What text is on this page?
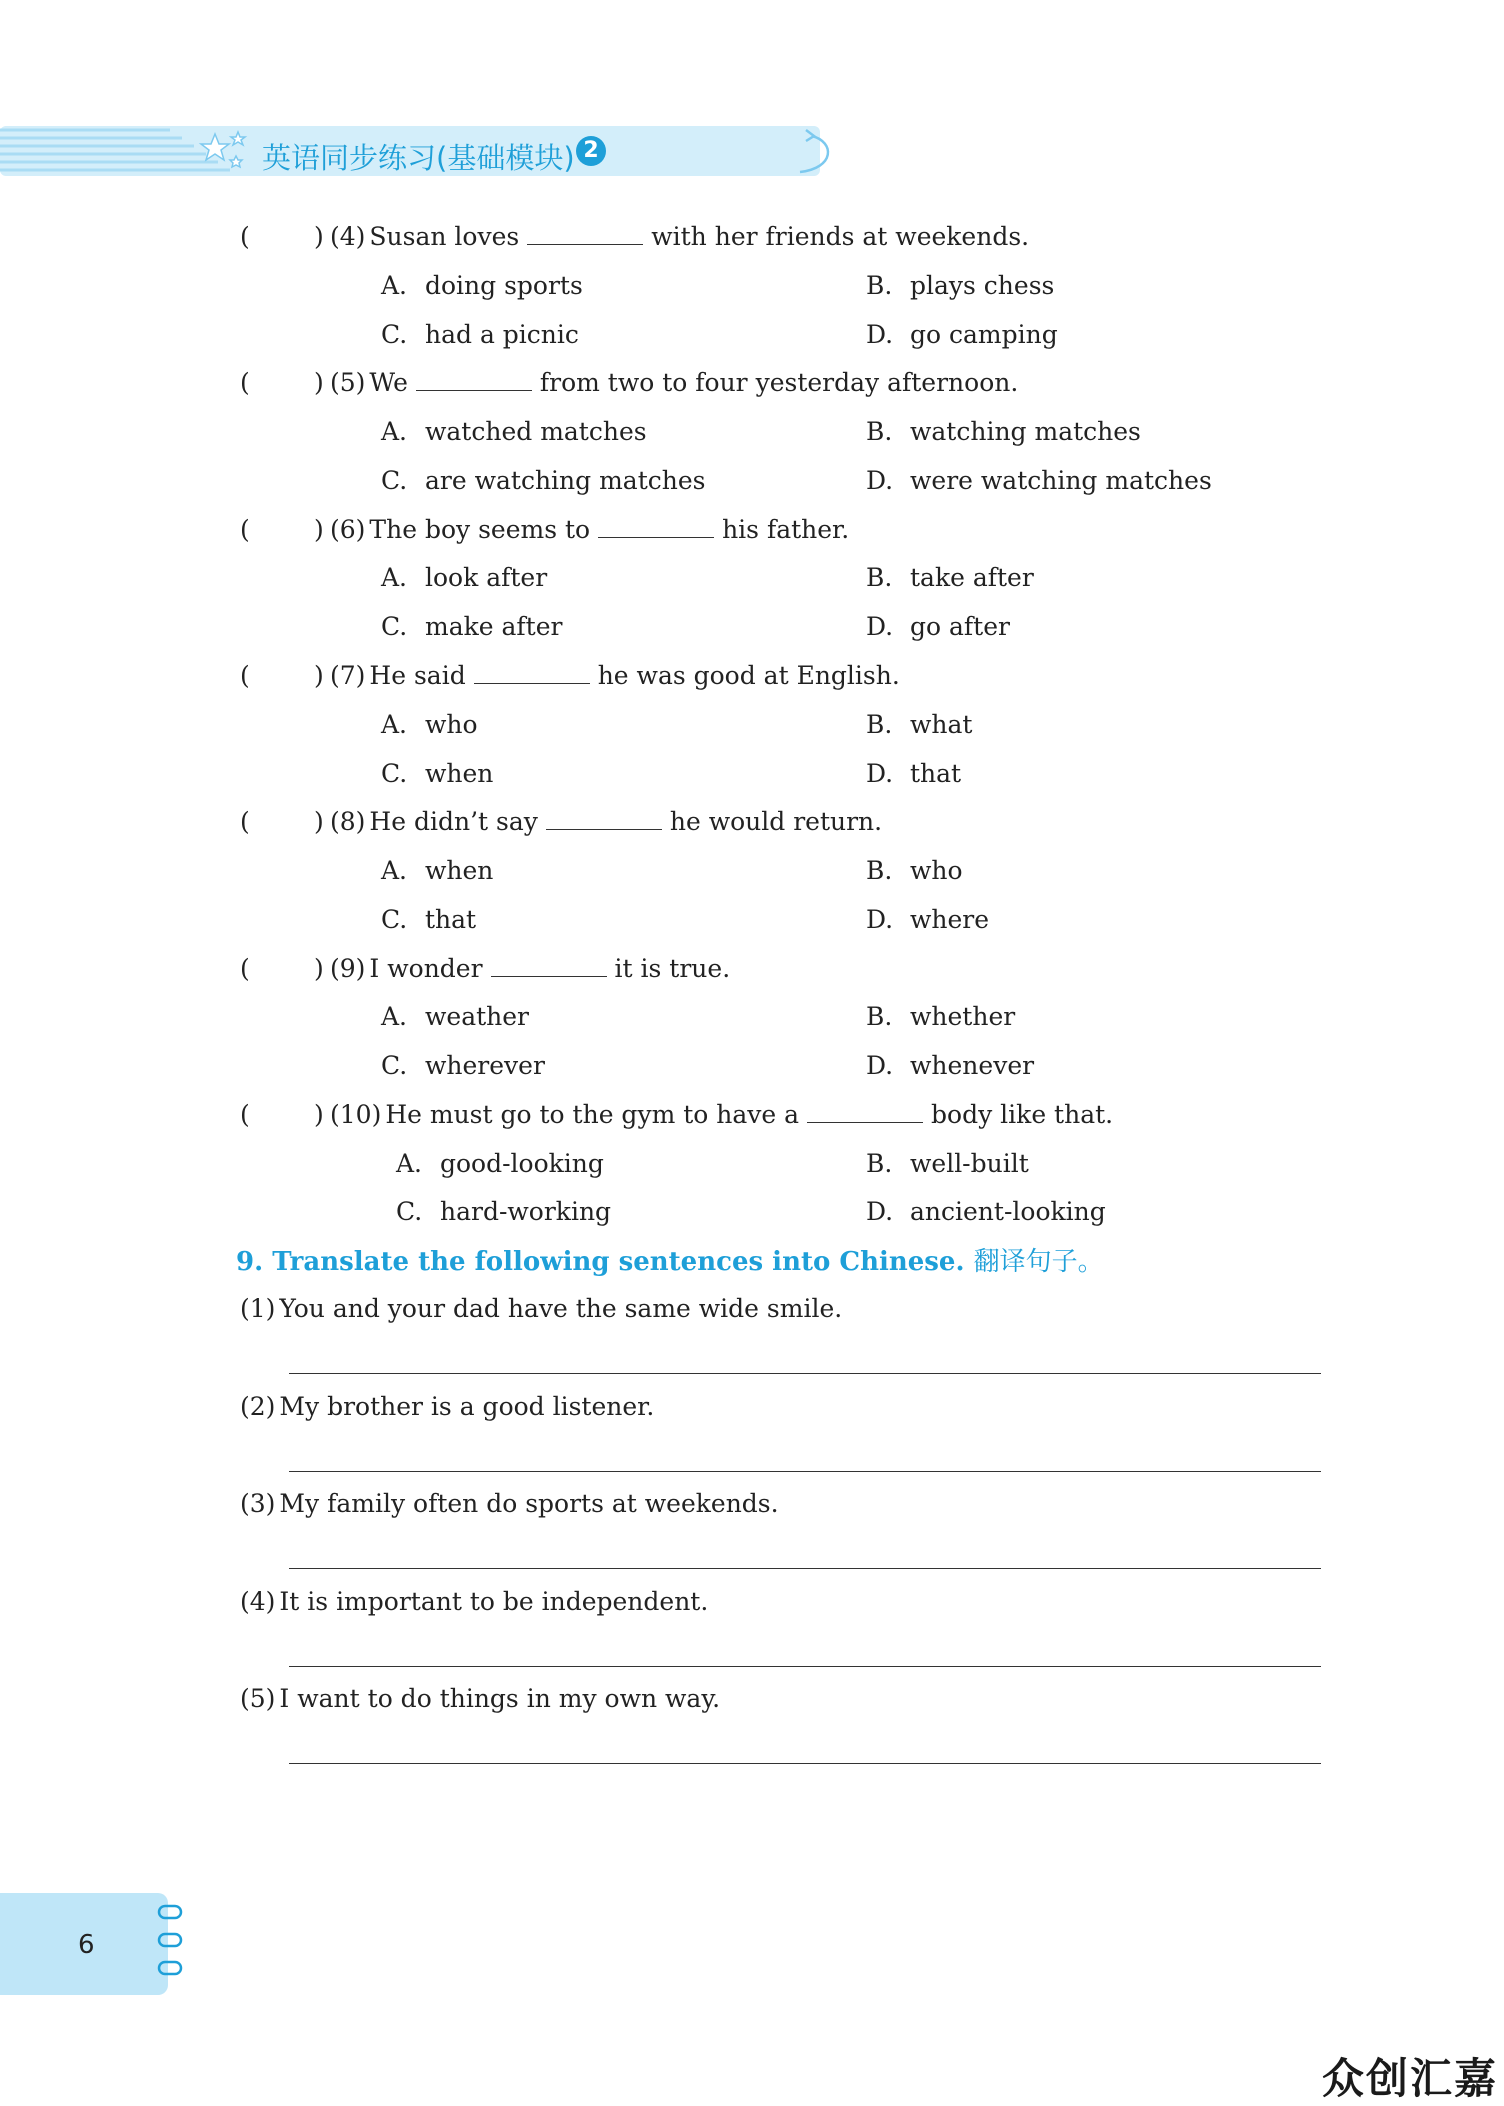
英语同步练习(基础模块) 2
(	) (4) Susan loves	with her friends at weekends.
A. doing sports	B. plays chess
C. had a picnic	D. go camping
(	) (5) We	from two to four yesterday afternoon.
A. watched matches	B. watching matches
C. are watching matches	D. were watching matches
(	) (6) The boy seems to	his father.
A. look after	B. take after
C. make after	D. go after
(	) (7) He said	he was good at English.
A. who	B. what
C. when	D. that
(	) (8) He didn’t say	he would return.
A. when	B. who
C. that	D. where
(	) (9) I wonder	it is true.
A. weather	B. whether
C. wherever	D. whenever
(	) (10) He must go to the gym to have a	body like that.
A. good-looking	B. well-built
C. hard-working	D. ancient-looking
9. Translate the following sentences into Chinese. 翻译句子。
(1) You and your dad have the same wide smile.
(2) My brother is a good listener.
(3) My family often do sports at weekends.
(4) It is important to be independent.
(5) I want to do things in my own way.
6
众创汇嘉
